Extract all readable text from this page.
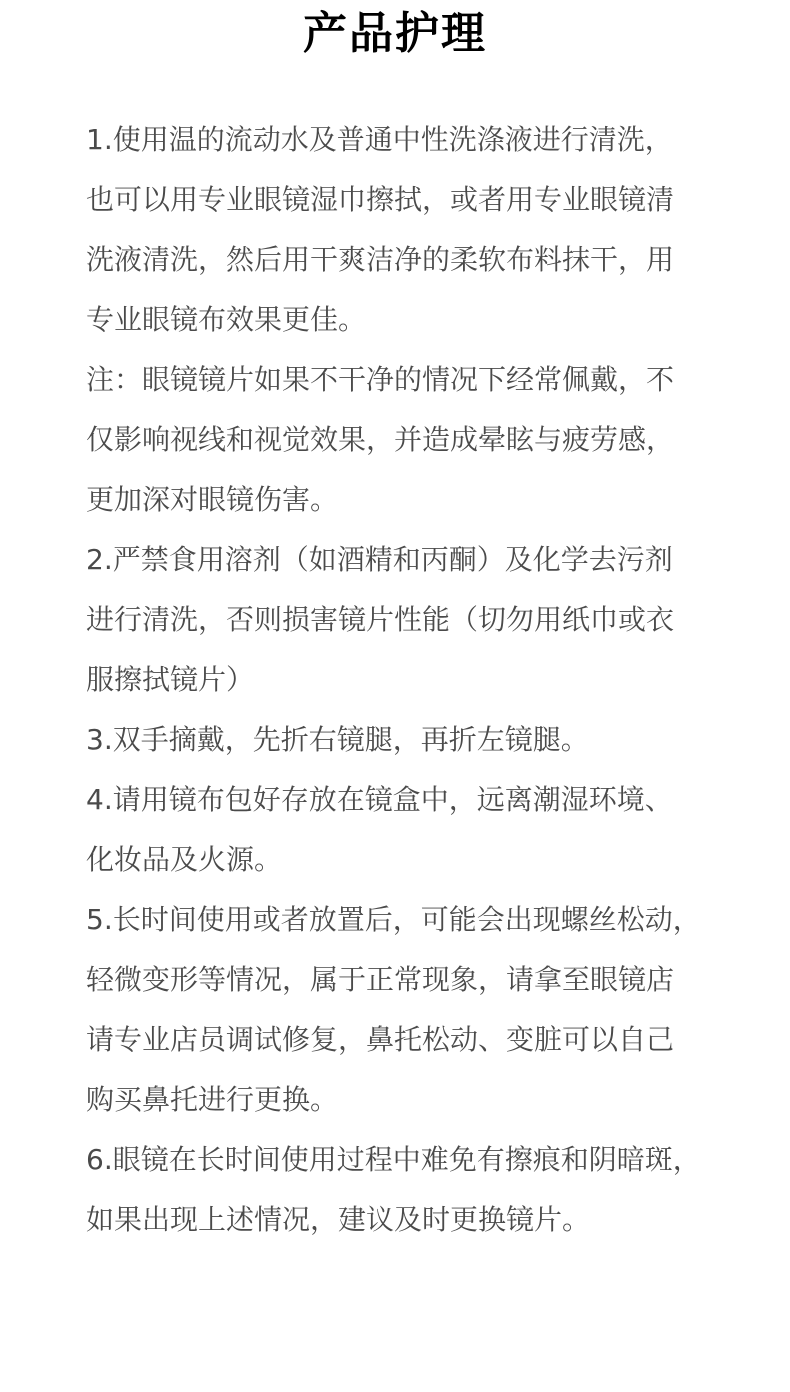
产品护理
1.使用温的流动水及普通中性洗涤液进行清洗，
也可以用专业眼镜湿巾擦拭，或者用专业眼镜清
洗液清洗，然后用干爽洁净的柔软布料抹干，用
专业眼镜布效果更佳。
注：眼镜镜片如果不干净的情况下经常佩戴，不
仅影响视线和视觉效果，并造成晕眩与疲劳感，
更加深对眼镜伤害。
2.严禁食用溶剂（如酒精和丙酮）及化学去污剂
进行清洗，否则损害镜片性能（切勿用纸巾或衣
服擦拭镜片）
3.双手摘戴，先折右镜腿，再折左镜腿。
4.请用镜布包好存放在镜盒中，远离潮湿环境、
化妆品及火源。
5.长时间使用或者放置后，可能会出现螺丝松动，
轻微变形等情况，属于正常现象，请拿至眼镜店
请专业店员调试修复，鼻托松动、变脏可以自己
购买鼻托进行更换。
6.眼镜在长时间使用过程中难免有擦痕和阴暗斑，
如果出现上述情况，建议及时更换镜片。
